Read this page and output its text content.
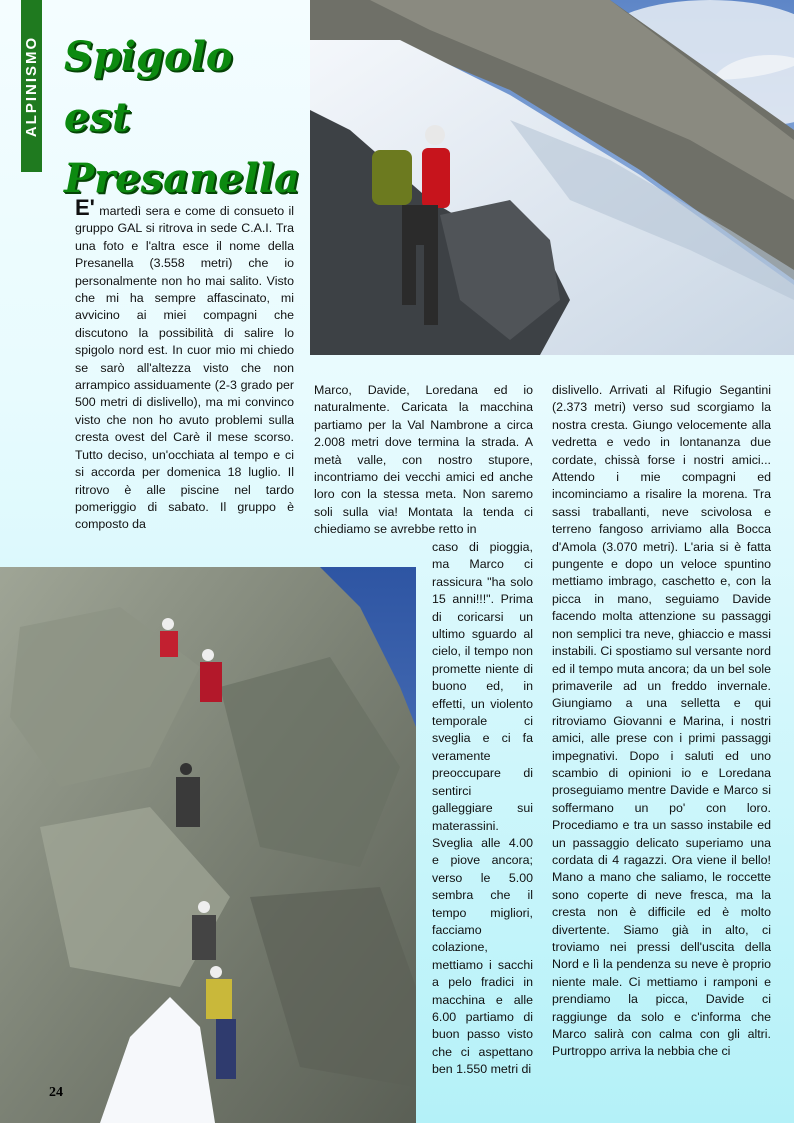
ALPINISMO Spigolo est
Presanella

E' martedì sera e come di consueto il gruppo GAL si ritrova in sede C.A.I. Tra una foto e l'altra esce il nome della Presanella (3.558 metri) che io personalmente non ho mai salito. Visto che mi ha sempre affascinato, mi avvicino ai miei compagni che discutono la possibilità di salire lo spigolo nord est. In cuor mio mi chiedo se sarò all'altezza visto che non arrampico assiduamente (2-3 grado per 500 metri di dislivello), ma mi convinco visto che non ho avuto problemi sulla cresta ovest del Carè il mese scorso. Tutto deciso, un'occhiata al tempo e ci si accorda per domenica 18 luglio. Il ritrovo è alle piscine nel tardo pomeriggio di sabato. Il gruppo è composto da

Marco, Davide, Loredana ed io naturalmente. Caricata la macchina partiamo per la Val Nambrone a circa 2.008 metri dove termina la strada. A metà valle, con nostro stupore, incontriamo dei vecchi amici ed anche loro con la stessa meta. Non saremo soli sulla via! Montata la tenda ci chiediamo se avrebbe retto in

caso di pioggia, ma Marco ci rassicura "ha solo 15 anni!!!". Prima di coricarsi un ultimo sguardo al cielo, il tempo non promette niente di buono ed, in effetti, un violento temporale ci sveglia e ci fa veramente preoccupare di sentirci galleggiare sui materassini. Sveglia alle 4.00 e piove ancora; verso le 5.00 sembra che il tempo migliori, facciamo colazione, mettiamo i sacchi a pelo fradici in macchina e alle 6.00 partiamo di buon passo visto che ci aspettano ben 1.550 metri di

dislivello. Arrivati al Rifugio Segantini (2.373 metri) verso sud scorgiamo la nostra cresta. Giungo velocemente alla vedretta e vedo in lontananza due cordate, chissà forse i nostri amici... Attendo i mie compagni ed incominciamo a risalire la morena. Tra sassi traballanti, neve scivolosa e terreno fangoso arriviamo alla Bocca d'Amola (3.070 metri). L'aria si è fatta pungente e dopo un veloce spuntino mettiamo imbrago, caschetto e, con la picca in mano, seguiamo Davide facendo molta attenzione su passaggi non semplici tra neve, ghiaccio e massi instabili. Ci spostiamo sul versante nord ed il tempo muta ancora; da un bel sole primaverile ad un freddo invernale. Giungiamo a una selletta e qui ritroviamo Giovanni e Marina, i nostri amici, alle prese con i primi passaggi impegnativi. Dopo i saluti ed uno scambio di opinioni io e Loredana proseguiamo mentre Davide e Marco si soffermano un po' con loro. Procediamo e tra un sasso instabile ed un passaggio delicato superiamo una cordata di 4 ragazzi. Ora viene il bello! Mano a mano che saliamo, le roccette sono coperte di neve fresca, ma la cresta non è difficile ed è molto divertente. Siamo già in alto, ci troviamo nei pressi dell'uscita della Nord e lì la pendenza su neve è proprio niente male. Ci mettiamo i ramponi e prendiamo la picca, Davide ci raggiunge da solo e c'informa che Marco salirà con calma con gli altri. Purtroppo arriva la nebbia che ci

24
